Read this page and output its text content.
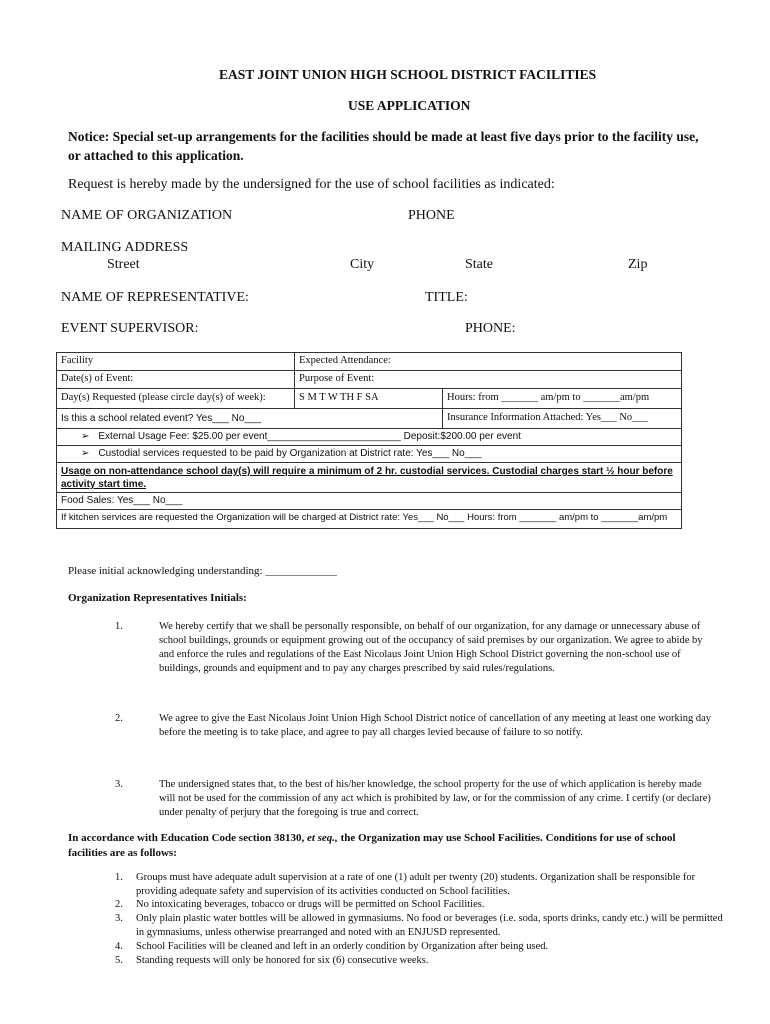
EAST JOINT UNION HIGH SCHOOL DISTRICT FACILITIES
USE APPLICATION
Notice: Special set-up arrangements for the facilities should be made at least five days prior to the facility use,
or attached to this application.
Request is hereby made by the undersigned for the use of school facilities as indicated:
NAME OF ORGANIZATION	PHONE
MAILING ADDRESS
Street	City	State	Zip
NAME OF REPRESENTATIVE:	TITLE:
EVENT SUPERVISOR:	PHONE:
Facility	Expected Attendance:
Date(s) of Event:	Purpose of Event:
Day(s) Requested (please circle day(s) of week):	S M T W TH F SA	Hours: from _______ am/pm to _______am/pm
Is this a school related event? Yes___ No___	Insurance Information Attached: Yes___ No___
➢ External Usage Fee: $25.00 per event________________________ Deposit:$200.00 per event
➢ Custodial services requested to be paid by Organization at District rate: Yes___ No___
Usage on non-attendance school day(s) will require a minimum of 2 hr. custodial services. Custodial charges start ½ hour before
activity start time.
Food Sales: Yes___ No___
If kitchen services are requested the Organization will be charged at District rate: Yes___ No___ Hours: from _______ am/pm to _______am/pm
Please initial acknowledging understanding: _____________
Organization Representatives Initials:
1.	We hereby certify that we shall be personally responsible, on behalf of our organization, for any damage or unnecessary abuse of school buildings, grounds or equipment growing out of the occupancy of said premises by our organization. We agree to abide by and enforce the rules and regulations of the East Nicolaus Joint Union High School District governing the non-school use of buildings, grounds and equipment and to pay any charges prescribed by said rules/regulations.
2.	We agree to give the East Nicolaus Joint Union High School District notice of cancellation of any meeting at least one working day before the meeting is to take place, and agree to pay all charges levied because of failure to so notify.
3.	The undersigned states that, to the best of his/her knowledge, the school property for the use of which application is hereby made will not be used for the commission of any act which is prohibited by law, or for the commission of any crime. I certify (or declare) under penalty of perjury that the foregoing is true and correct.
In accordance with Education Code section 38130, et seq., the Organization may use School Facilities. Conditions for use of school
facilities are as follows:
1. Groups must have adequate adult supervision at a rate of one (1) adult per twenty (20) students. Organization shall be responsible for providing adequate safety and supervision of its activities conducted on School facilities.
2. No intoxicating beverages, tobacco or drugs will be permitted on School Facilities.
3. Only plain plastic water bottles will be allowed in gymnasiums. No food or beverages (i.e. soda, sports drinks, candy etc.) will be permitted in gymnasiums, unless otherwise prearranged and noted with an ENJUSD represented.
4. School Facilities will be cleaned and left in an orderly condition by Organization after being used.
5. Standing requests will only be honored for six (6) consecutive weeks.
